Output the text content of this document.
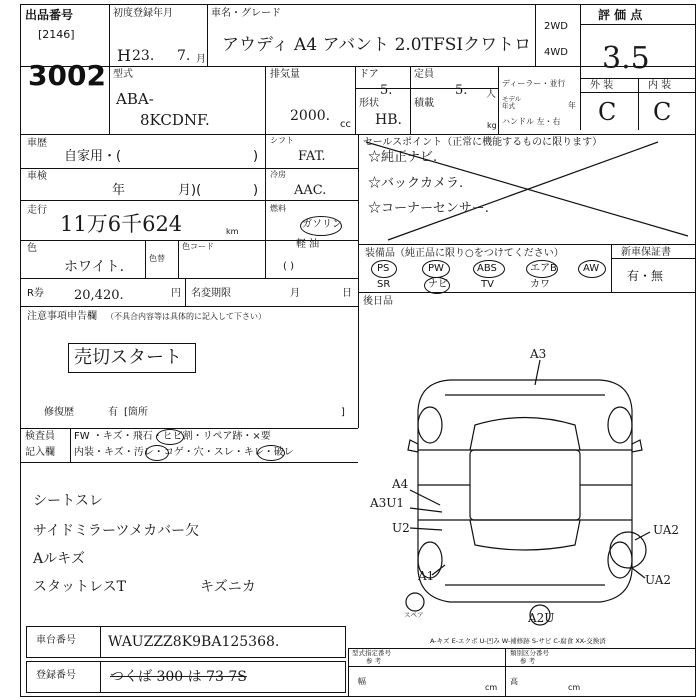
出品番号
[2146]
3002
初度登録年月
H 23. 7. 月
車名・グレード
アウディ A4 アバント 2.0TFSIクワトロ
2WD
4WD
評 価 点
3.5
外 装	内 装
C C
型式
ABA-
8KCDNF.
排気量
2000.
cc
ドア
5.
定員
5. 人
形状
HB.
積載
kg
ディーラー・並行
モデル年式	年
ハンドル 左・右
車歴
自家用・(	)
車検
年	月)(	)
走行
11万6千624	km
色
ホワイト.
色替
色コード
R券 20,420.	円 名変期限	月	日
注意事項申告欄 （不具合内容等は具体的に記入して下さい）
売切スタート
修復歴	有 [箇所	]
シフト
FAT.
冷房
AAC.
燃料
ガソリン
軽 油
( )
セールスポイント（正常に機能するものに限ります）
☆純正ナビ.
☆バックカメラ.
☆コーナーセンサー.
装備品（純正品に限り○をつけてください）	新車保証書
有・無
PS	PW	ABS	エアB	AW
SR	ナビ	TV	カワ
後日品
検査員
記入欄
FW ・キズ・飛石・ヒビ割・リペア跡・×要
内装・キズ・汚レ・コゲ・穴・スレ・キレ・破レ
シートスレ
サイドミラーツメカバー欠
Aルキズ
スタットレスT	キズニカ
A3
A4
A3U1
U2
A1
UA2
UA2
A2U
スペア
A-キズ E-エクボ U-凹み W-補修跡 S-サビ C-腐食 XX-交換済
車台番号 WAUZZZ8K9BA125368.
登録番号 つくば 300 は 73 7S
型式指定番号
参 考
類別区分番号
参 考
幅
cm
高
cm
